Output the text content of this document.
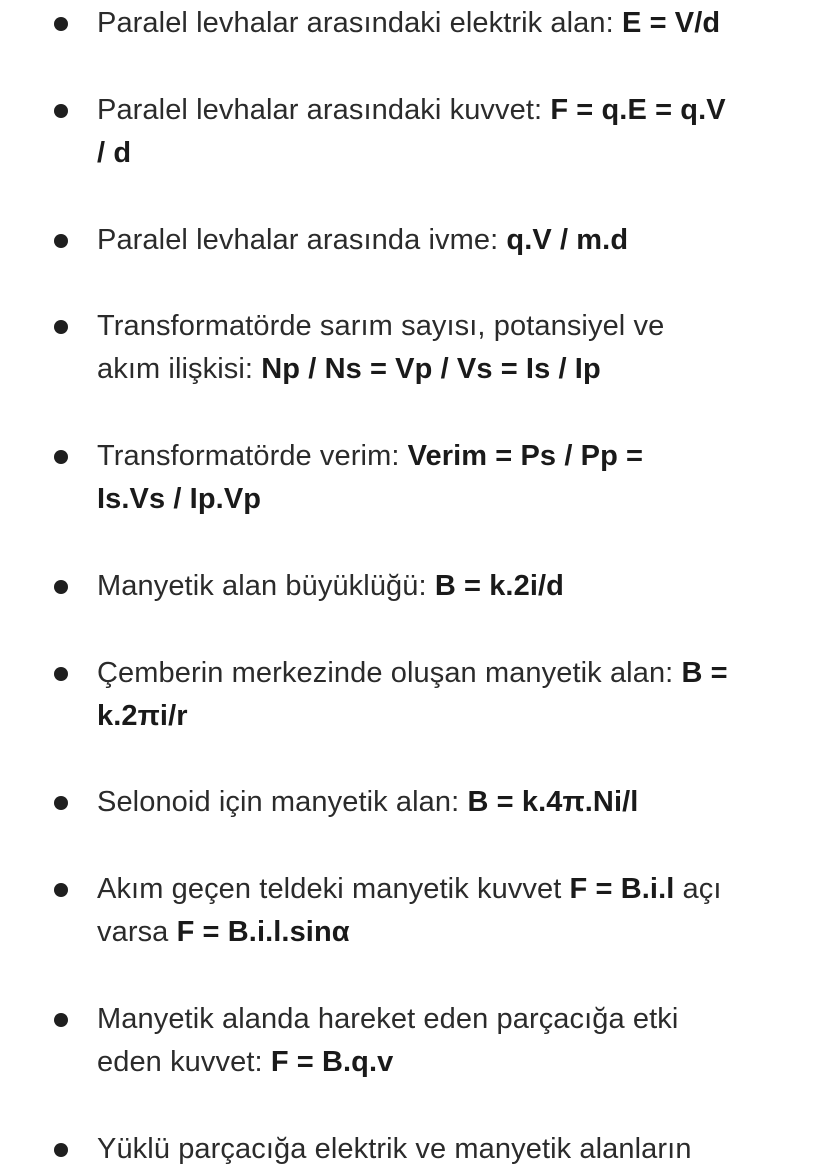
Paralel levhalar arasındaki elektrik alan: E = V/d
Paralel levhalar arasındaki kuvvet: F = q.E = q.V
/ d
Paralel levhalar arasında ivme: q.V / m.d
Transformatörde sarım sayısı, potansiyel ve
akım ilişkisi: Np / Ns = Vp / Vs = Is / Ip
Transformatörde verim: Verim = Ps / Pp =
Is.Vs / Ip.Vp
Manyetik alan büyüklüğü: B = k.2i/d
Çemberin merkezinde oluşan manyetik alan: B =
k.2πi/r
Selonoid için manyetik alan: B = k.4π.Ni/l
Akım geçen teldeki manyetik kuvvet F = B.i.l açı
varsa F = B.i.l.sinα
Manyetik alanda hareket eden parçacığa etki
eden kuvvet: F = B.q.v
Yüklü parçacığa elektrik ve manyetik alanların
